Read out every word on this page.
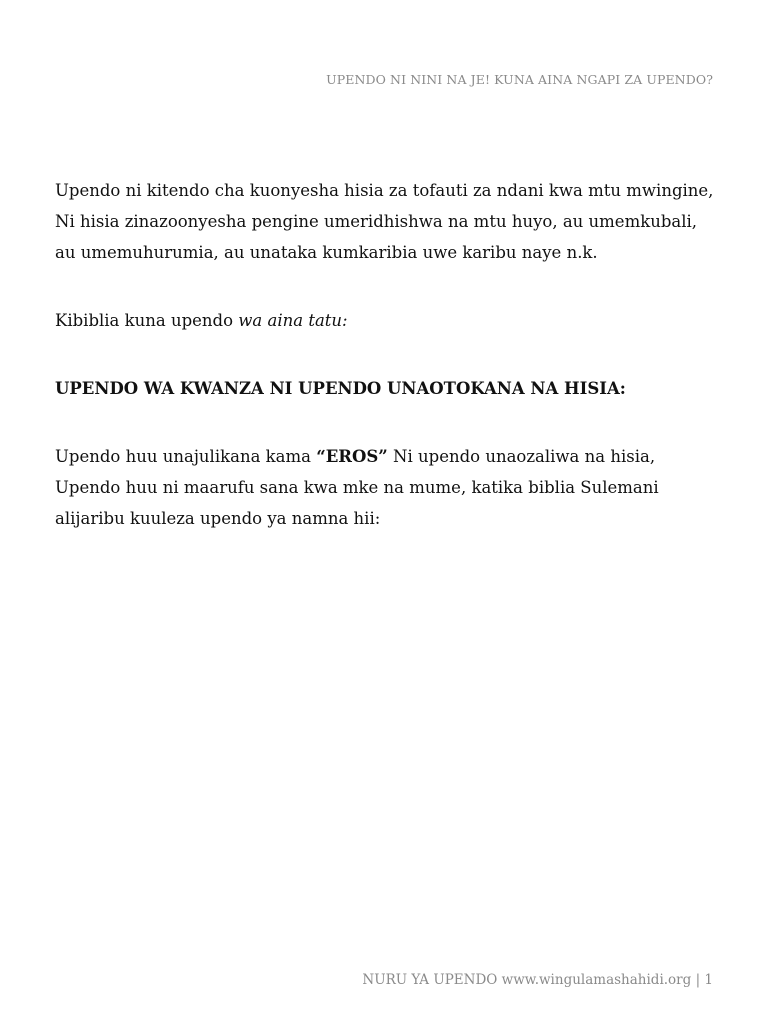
UPENDO NI NINI NA JE! KUNA AINA NGAPI ZA UPENDO?

Upendo ni kitendo cha kuonyesha hisia za tofauti za ndani kwa mtu mwingine, Ni hisia zinazoonyesha pengine umeridhishwa na mtu huyo, au umemkubali, au umemuhurumia, au unataka kumkaribia uwe karibu naye n.k.

Kibiblia kuna upendo wa aina tatu:

UPENDO WA KWANZA NI UPENDO UNAOTOKANA NA HISIA:

Upendo huu unajulikana kama “EROS” Ni upendo unaozaliwa na hisia, Upendo huu ni maarufu sana kwa mke na mume, katika biblia Sulemani alijaribu kuuleza upendo ya namna hii:

NURU YA UPENDO www.wingulamashahidi.org | 1
